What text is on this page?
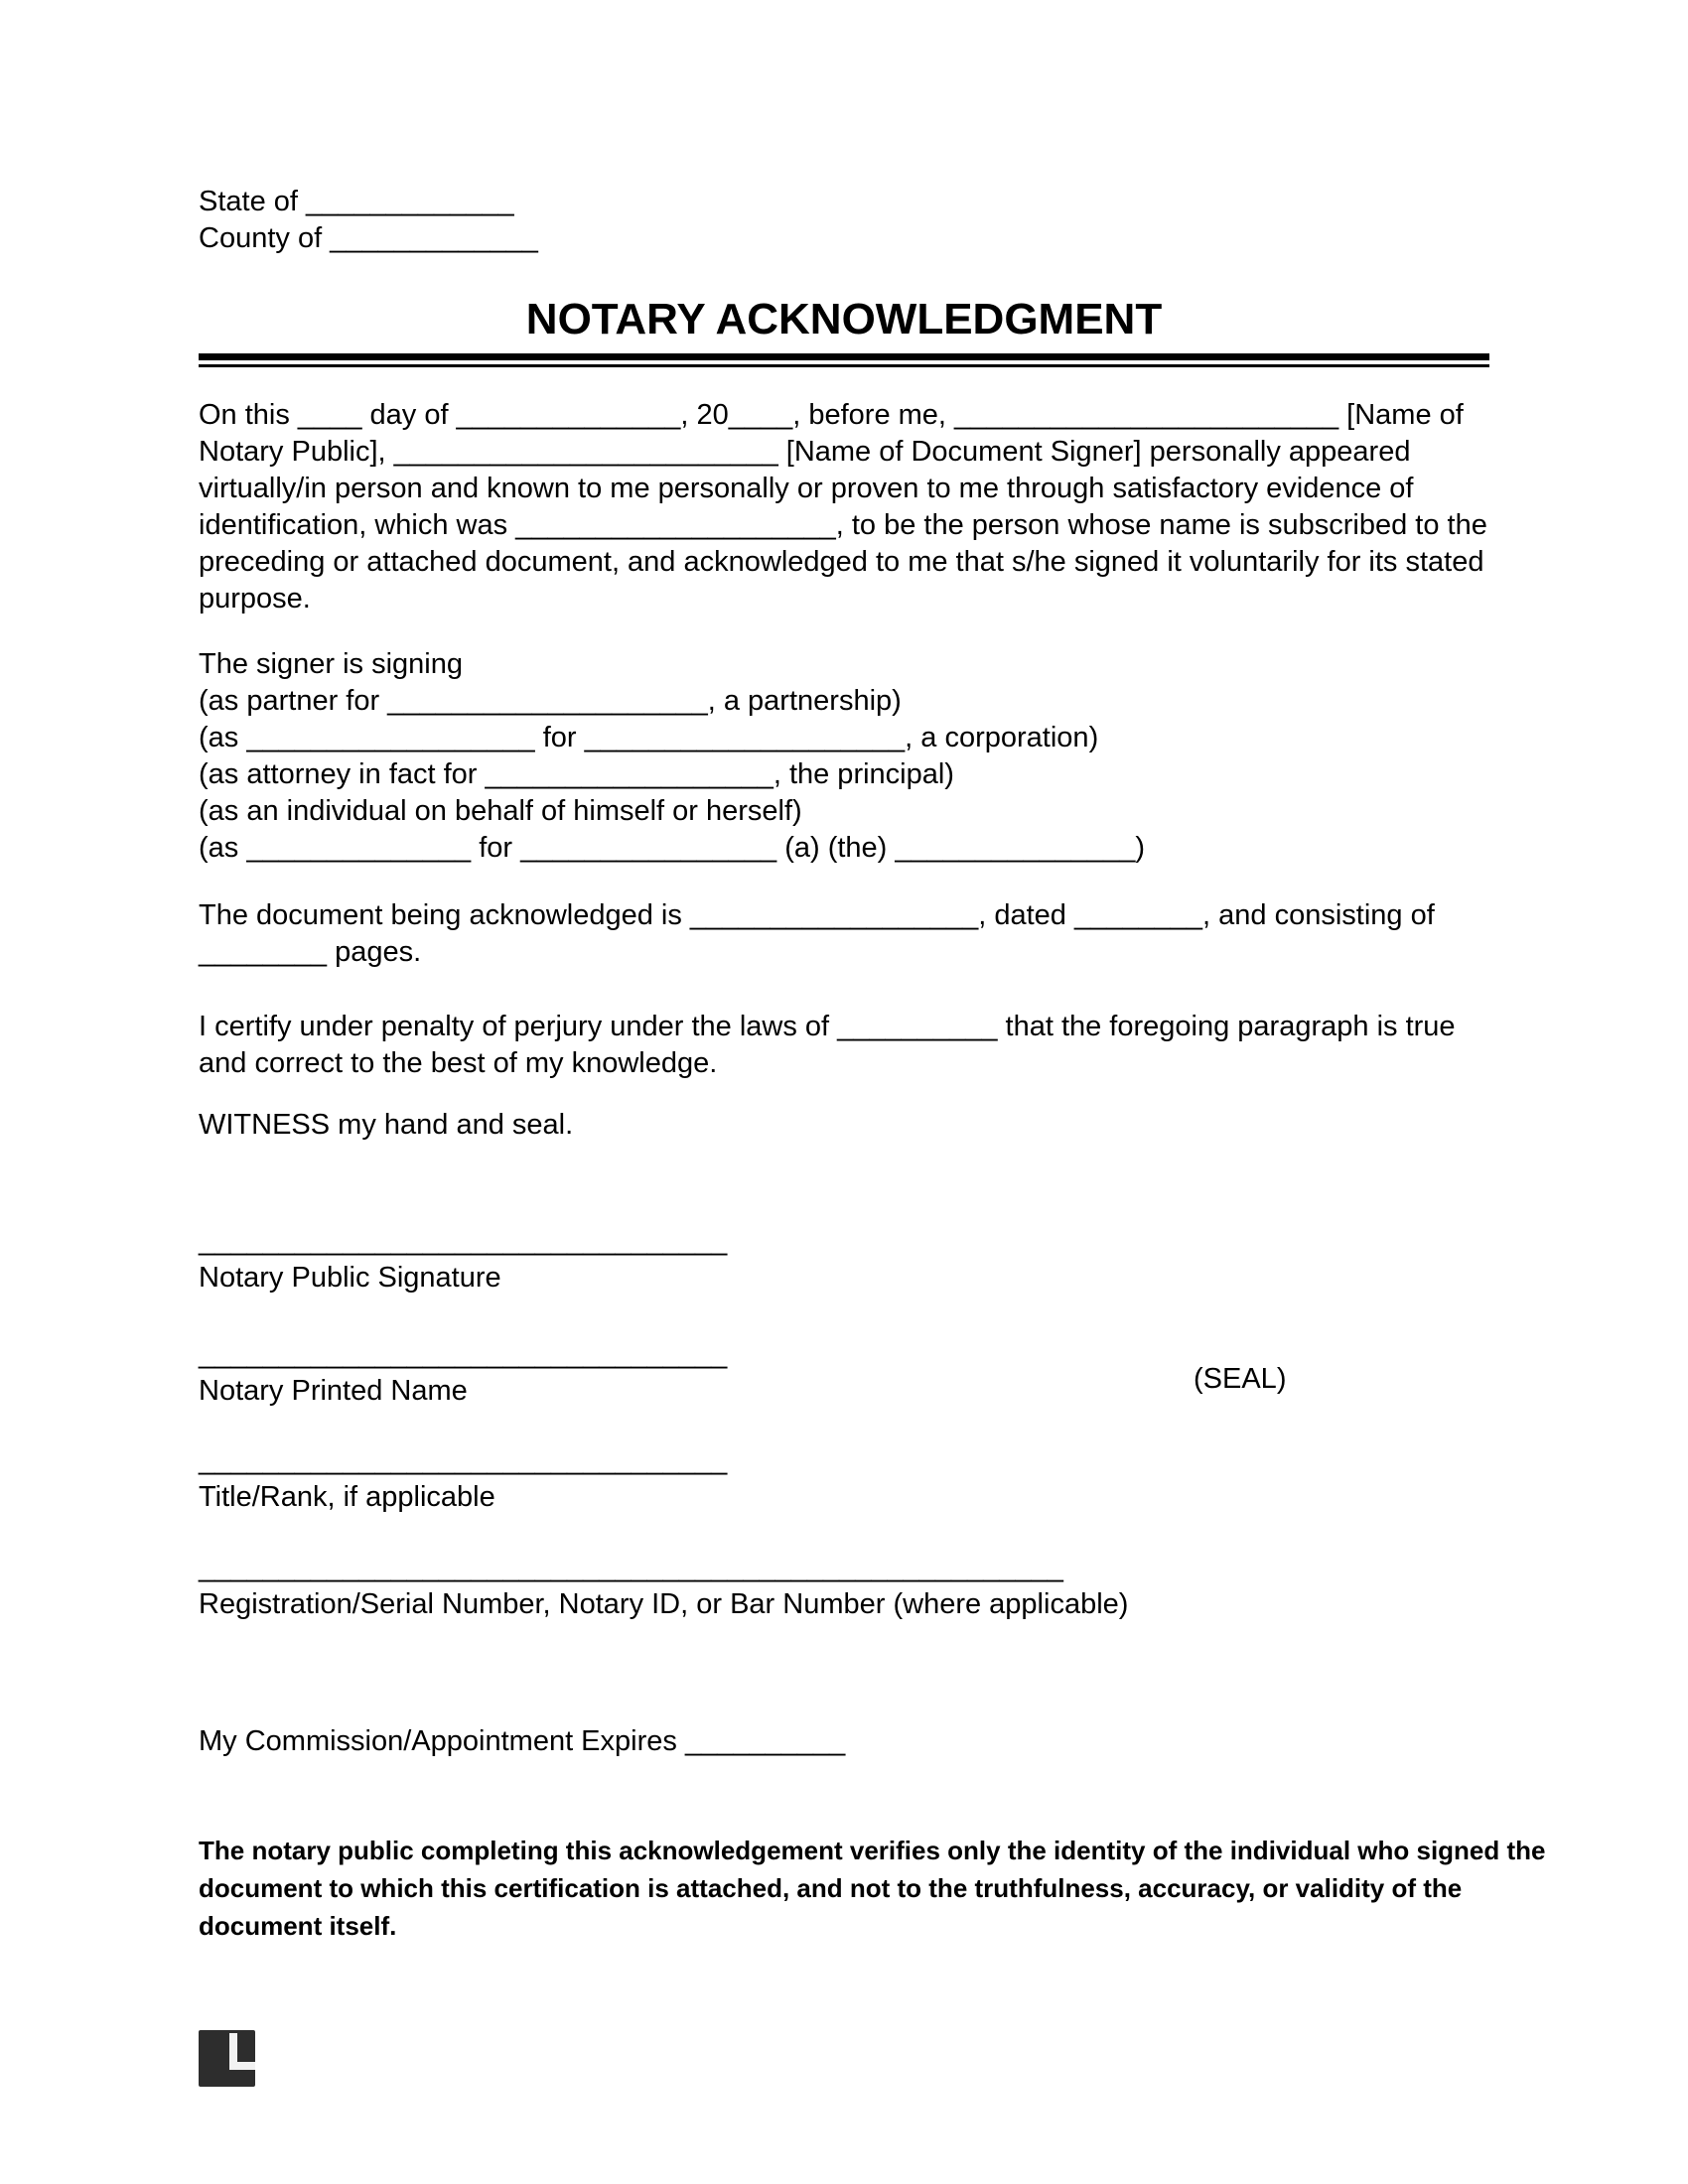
State of _____________
County of _____________
NOTARY ACKNOWLEDGMENT
On this ____ day of ______________, 20____, before me, ________________________ [Name of Notary Public], ________________________ [Name of Document Signer] personally appeared virtually/in person and known to me personally or proven to me through satisfactory evidence of identification, which was ____________________, to be the person whose name is subscribed to the preceding or attached document, and acknowledged to me that s/he signed it voluntarily for its stated purpose.
The signer is signing
(as partner for ____________________, a partnership)
(as __________________ for ____________________, a corporation)
(as attorney in fact for __________________, the principal)
(as an individual on behalf of himself or herself)
(as ______________ for ________________ (a) (the) _______________)
The document being acknowledged is __________________, dated ________, and consisting of ________ pages.
I certify under penalty of perjury under the laws of __________ that the foregoing paragraph is true and correct to the best of my knowledge.
WITNESS my hand and seal.
_________________________________
Notary Public Signature
_________________________________
Notary Printed Name	(SEAL)
_________________________________
Title/Rank, if applicable
______________________________________________________
Registration/Serial Number, Notary ID, or Bar Number (where applicable)
My Commission/Appointment Expires __________
The notary public completing this acknowledgement verifies only the identity of the individual who signed the document to which this certification is attached, and not to the truthfulness, accuracy, or validity of the document itself.
